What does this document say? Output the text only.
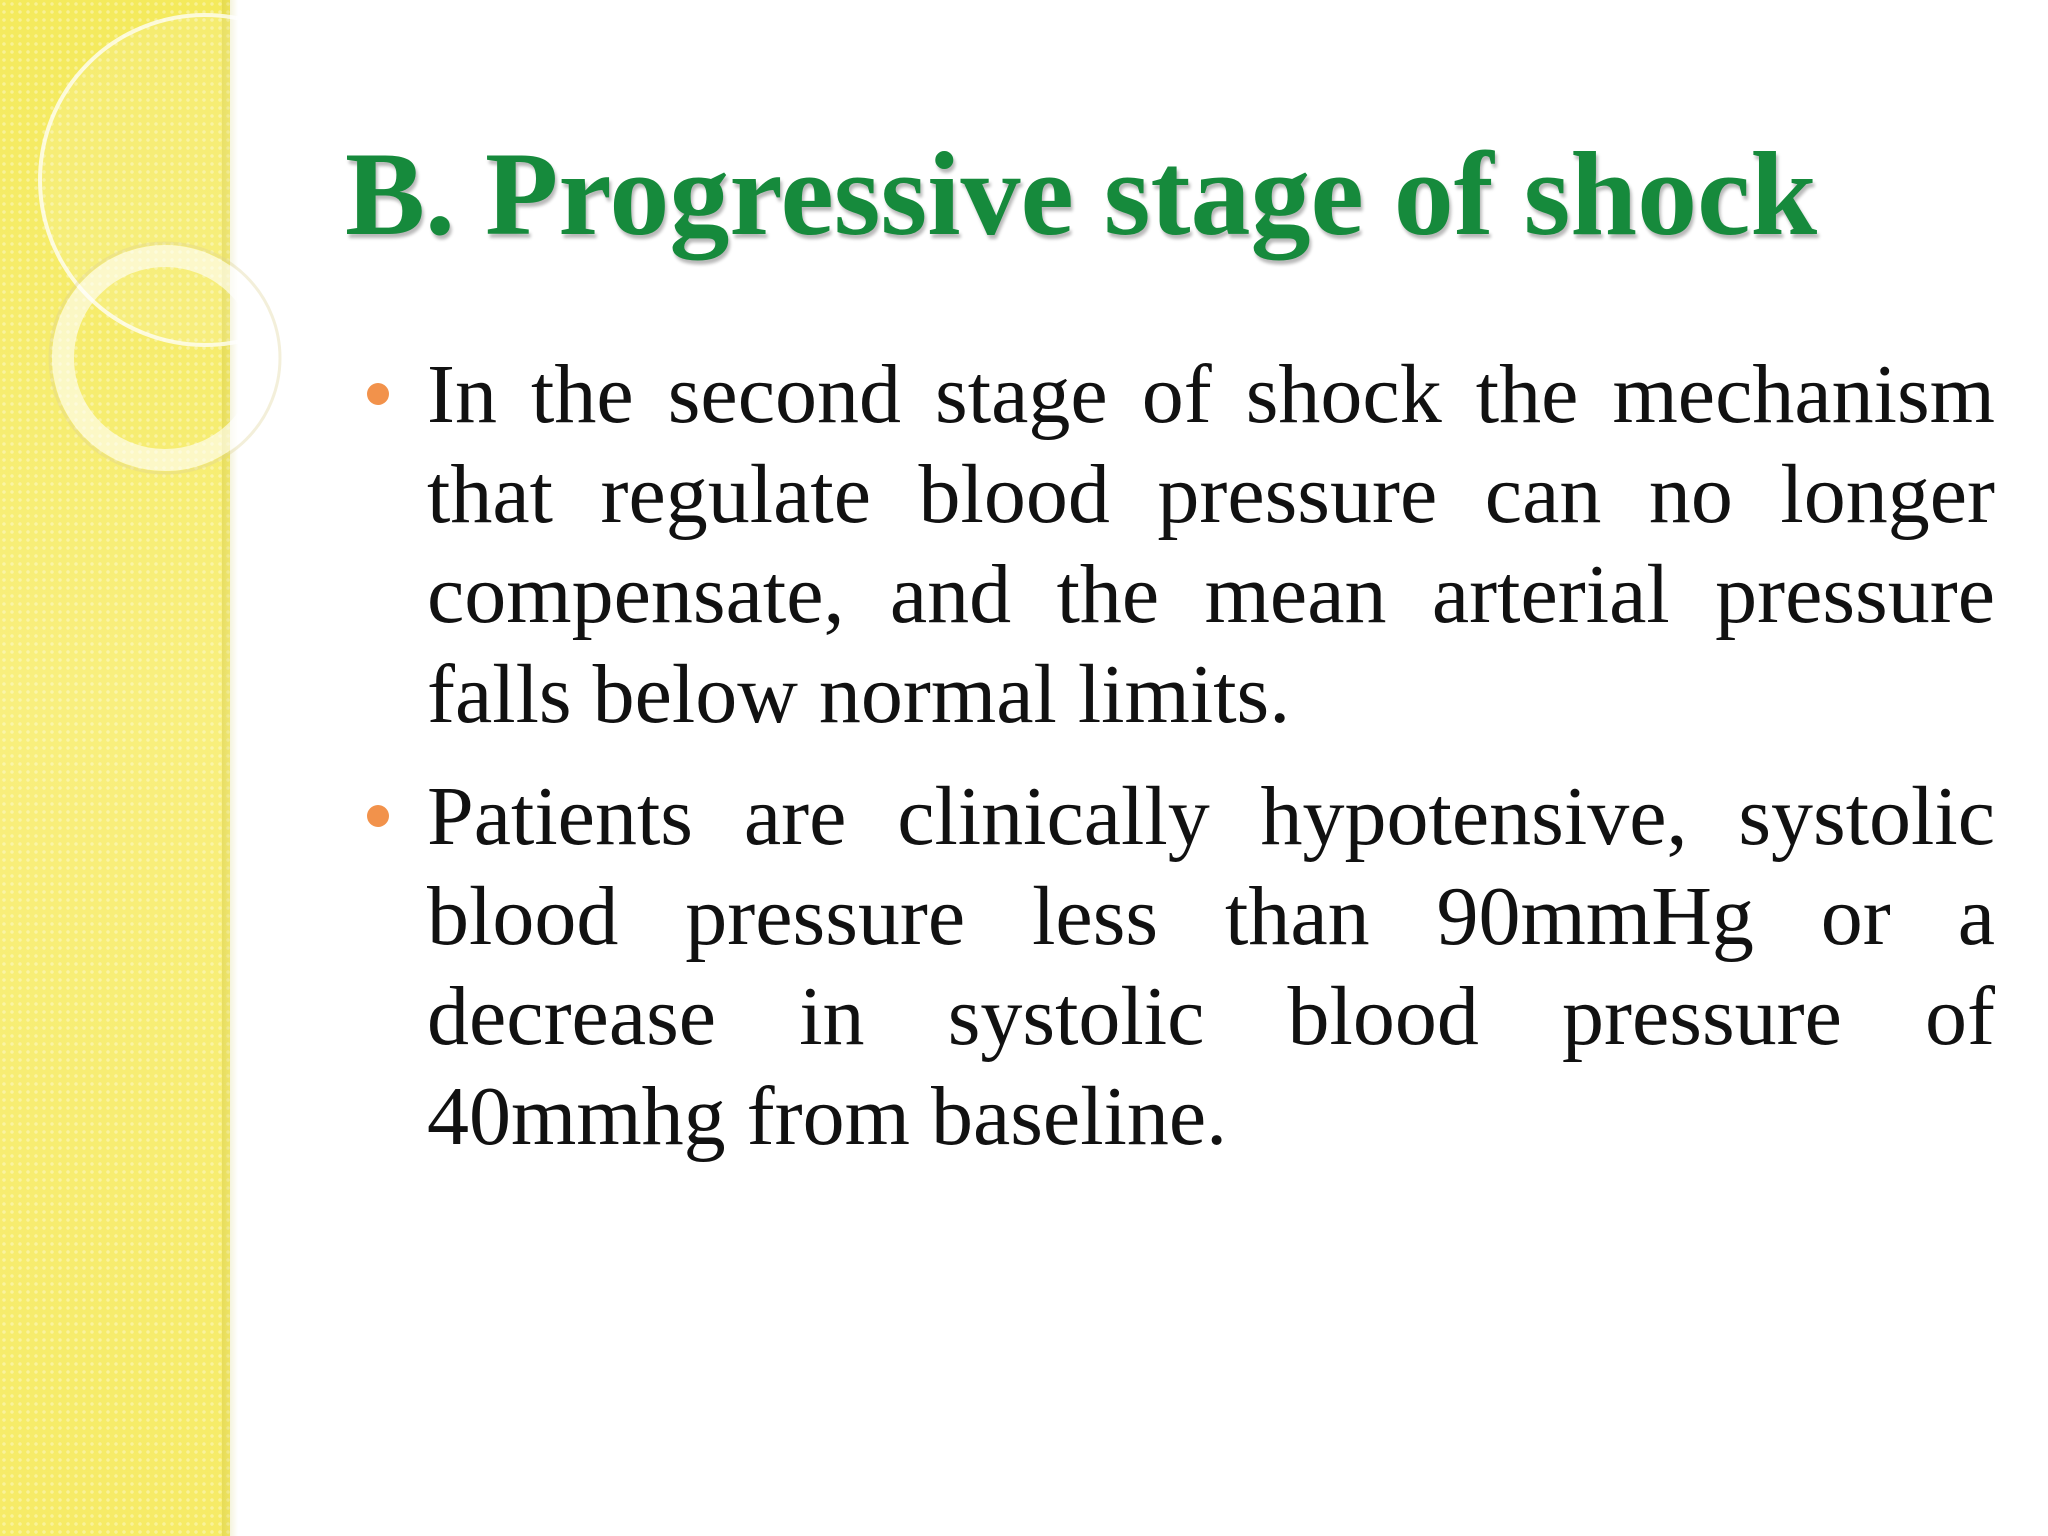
B. Progressive stage of shock

In the second stage of shock the mechanism that regulate blood pressure can no longer compensate, and the mean arterial pressure falls below normal limits.

Patients are clinically hypotensive, systolic blood pressure less than 90mmHg or a decrease in systolic blood pressure of 40mmhg from baseline.
